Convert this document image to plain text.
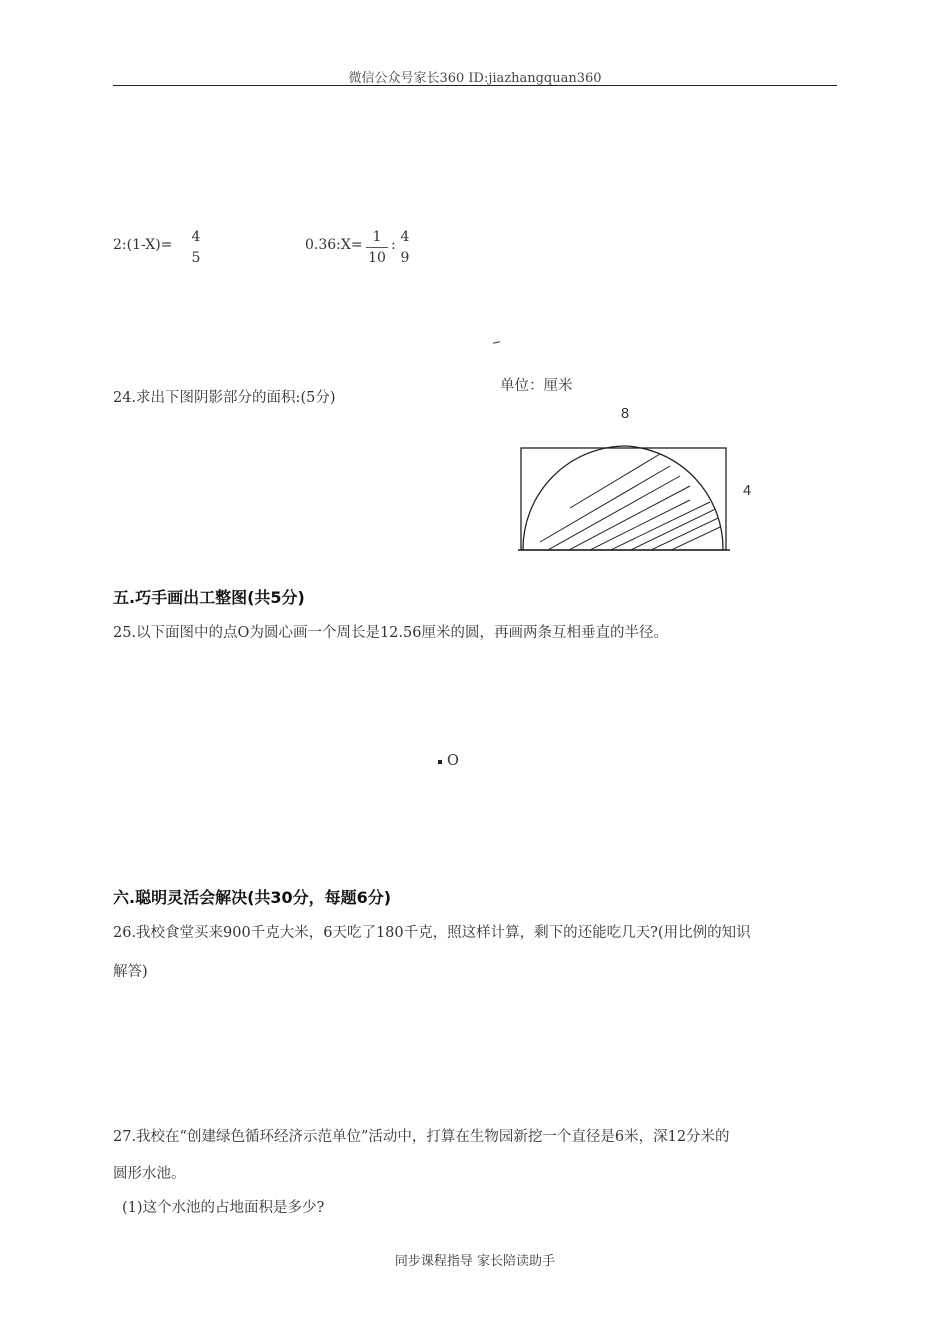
微信公众号家长360 ID:jiazhangquan360
2:(1-X)= 4
5
0.36:X= 1
10
: 4
9
24.求出下图阴影部分的面积:(5分)
单位：厘米
8
4
五.巧手画出工整图(共5分)
25.以下面图中的点O为圆心画一个周长是12.56厘米的圆，再画两条互相垂直的半径。
O
六.聪明灵活会解决(共30分，每题6分)
26.我校食堂买来900千克大米，6天吃了180千克，照这样计算，剩下的还能吃几天?(用比例的知识
解答)
27.我校在“创建绿色循环经济示范单位”活动中，打算在生物园新挖一个直径是6米，深12分米的
圆形水池。
(1)这个水池的占地面积是多少?
同步课程指导 家长陪读助手
